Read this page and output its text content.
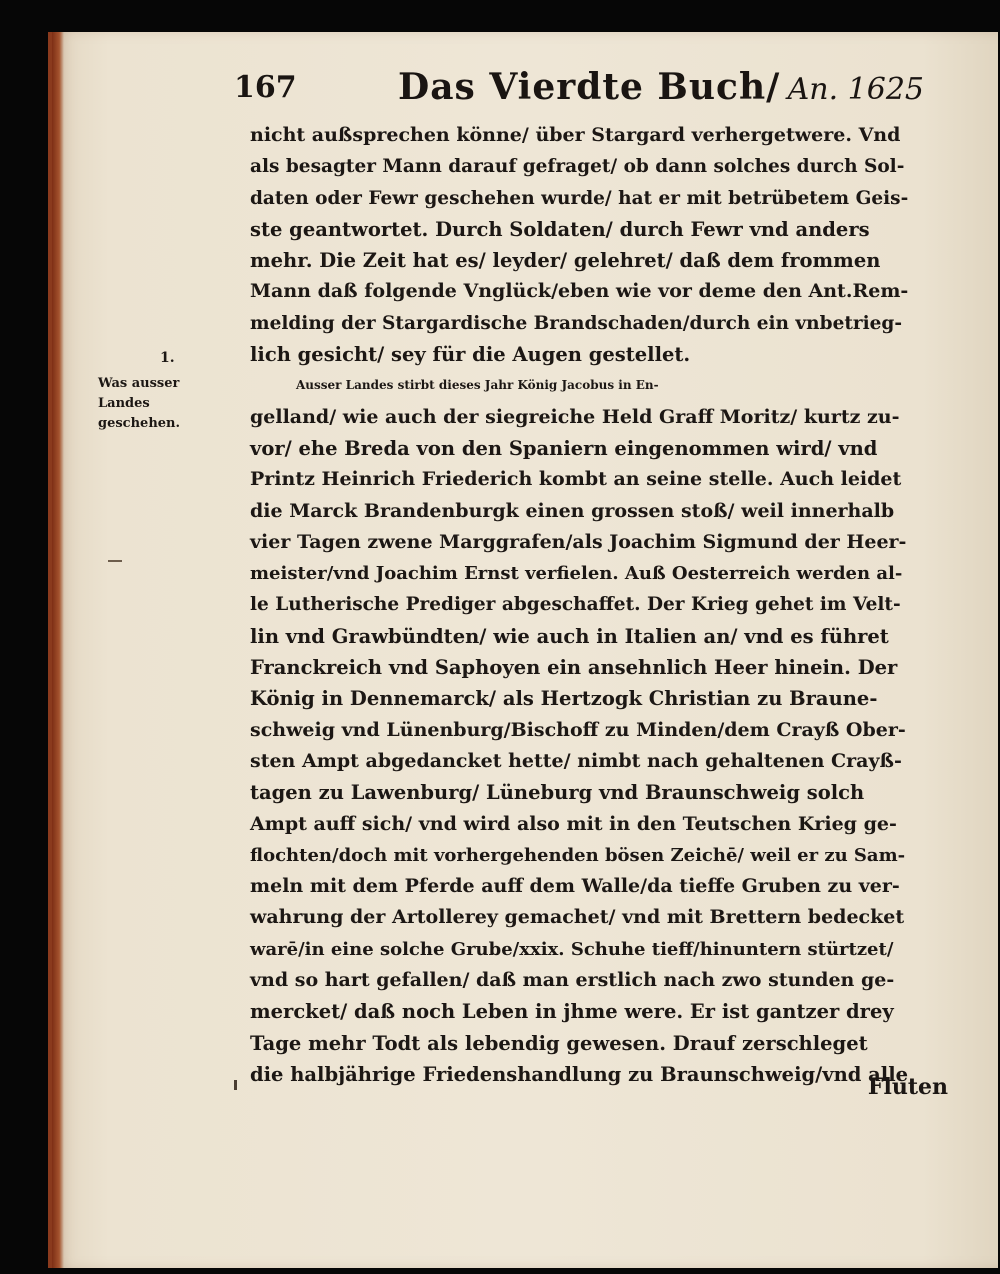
167	Das Vierdte Buch/ An. 1625
1.
Was ausser Landes geschehen.
nicht außsprechen könne/ über Stargard verhergetwere. Vnd
als besagter Mann darauf gefraget/ ob dann solches durch Sol-
daten oder Fewr geschehen wurde/ hat er mit betrübetem Geis-
ste geantwortet. Durch Soldaten/ durch Fewr vnd anders
mehr. Die Zeit hat es/ leyder/ gelehret/ daß dem frommen
Mann daß folgende Vnglück/eben wie vor deme den Ant.Rem-
melding der Stargardische Brandschaden/durch ein vnbetrieg-
lich gesicht/ sey für die Augen gestellet.
Ausser Landes stirbt dieses Jahr König Jacobus in En-
gelland/ wie auch der siegreiche Held Graff Moritz/ kurtz zu-
vor/ ehe Breda von den Spaniern eingenommen wird/ vnd
Printz Heinrich Friederich kombt an seine stelle. Auch leidet
die Marck Brandenburgk einen grossen stoß/ weil innerhalb
vier Tagen zwene Marggrafen/als Joachim Sigmund der Heer-
meister/vnd Joachim Ernst verfielen. Auß Oesterreich werden al-
le Lutherische Prediger abgeschaffet. Der Krieg gehet im Velt-
lin vnd Grawbündten/ wie auch in Italien an/ vnd es führet
Franckreich vnd Saphoyen ein ansehnlich Heer hinein. Der
König in Dennemarck/ als Hertzogk Christian zu Braune-
schweig vnd Lünenburg/Bischoff zu Minden/dem Crayß Ober-
sten Ampt abgedancket hette/ nimbt nach gehaltenen Crayß-
tagen zu Lawenburg/ Lüneburg vnd Braunschweig solch
Ampt auff sich/ vnd wird also mit in den Teutschen Krieg ge-
flochten/doch mit vorhergehenden bösen Zeichē/ weil er zu Sam-
meln mit dem Pferde auff dem Walle/da tieffe Gruben zu ver-
wahrung der Artollerey gemachet/ vnd mit Brettern bedecket
warē/in eine solche Grube/xxix. Schuhe tieff/hinuntern stürtzet/
vnd so hart gefallen/ daß man erstlich nach zwo stunden ge-
mercket/ daß noch Leben in jhme were. Er ist gantzer drey
Tage mehr Todt als lebendig gewesen. Drauf zerschleget
die halbjährige Friedenshandlung zu Braunschweig/vnd alle
Fluten
